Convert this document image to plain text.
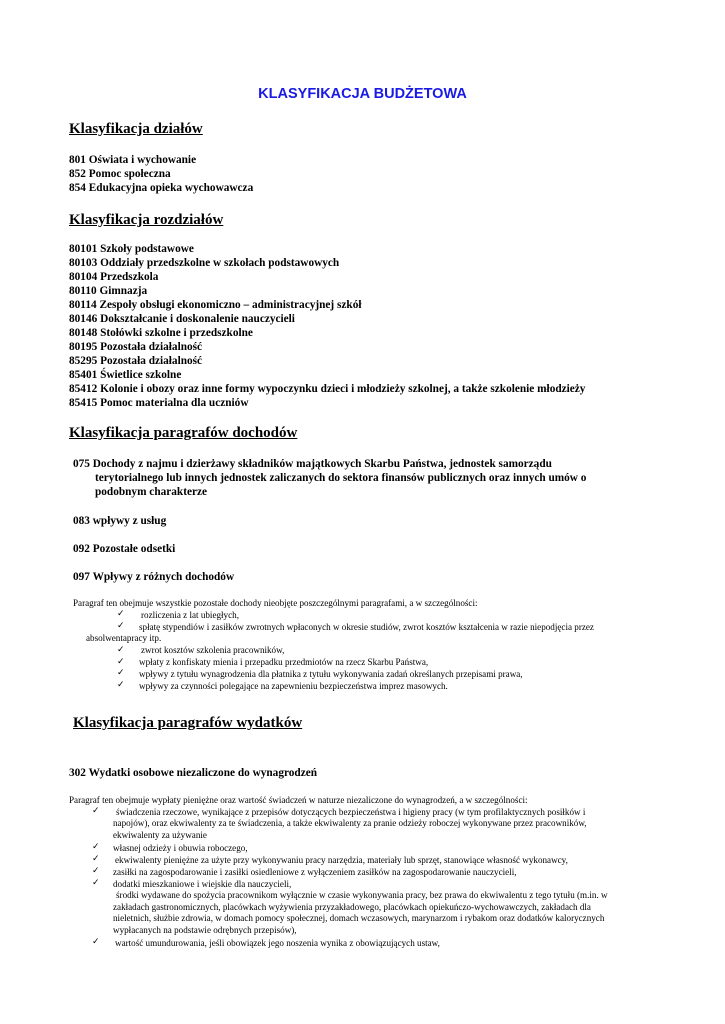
KLASYFIKACJA BUDŻETOWA
Klasyfikacja działów
801 Oświata i wychowanie
852 Pomoc społeczna
854 Edukacyjna opieka wychowawcza
Klasyfikacja rozdziałów
80101 Szkoły podstawowe
80103 Oddziały przedszkolne w szkołach podstawowych
80104 Przedszkola
80110 Gimnazja
80114 Zespoły obsługi ekonomiczno – administracyjnej szkół
80146 Dokształcanie i doskonalenie nauczycieli
80148 Stołówki szkolne i przedszkolne
80195 Pozostała działalność
85295 Pozostała działalność
85401 Świetlice szkolne
85412 Kolonie i obozy oraz inne formy wypoczynku dzieci i młodzieży szkolnej, a także szkolenie młodzieży
85415 Pomoc materialna dla uczniów
Klasyfikacja paragrafów dochodów
075 Dochody z najmu i dzierżawy składników majątkowych Skarbu Państwa, jednostek samorządu
terytorialnego lub innych jednostek zaliczanych do sektora finansów publicznych oraz innych umów o
podobnym charakterze
083 wpływy z usług
092 Pozostałe odsetki
097 Wpływy z różnych dochodów
Paragraf ten obejmuje wszystkie pozostałe dochody nieobjęte poszczególnymi paragrafami, a w szczególności:
✓ rozliczenia z lat ubiegłych,
✓ spłatę stypendiów i zasiłków zwrotnych wpłaconych w okresie studiów, zwrot kosztów kształcenia w razie niepodjęcia przez
absolwentapracy itp.
✓ zwrot kosztów szkolenia pracowników,
✓ wpłaty z konfiskaty mienia i przepadku przedmiotów na rzecz Skarbu Państwa,
✓ wpływy z tytułu wynagrodzenia dla płatnika z tytułu wykonywania zadań określanych przepisami prawa,
✓ wpływy za czynności polegające na zapewnieniu bezpieczeństwa imprez masowych.
Klasyfikacja paragrafów wydatków
302 Wydatki osobowe niezaliczone do wynagrodzeń
Paragraf ten obejmuje wypłaty pieniężne oraz wartość świadczeń w naturze niezaliczone do wynagrodzeń, a w szczególności:
✓ świadczenia rzeczowe, wynikające z przepisów dotyczących bezpieczeństwa i higieny pracy (w tym profilaktycznych posiłków i
napojów), oraz ekwiwalenty za te świadczenia, a także ekwiwalenty za pranie odzieży roboczej wykonywane przez pracowników,
ekwiwalenty za używanie
✓ własnej odzieży i obuwia roboczego,
✓ ekwiwalenty pieniężne za użyte przy wykonywaniu pracy narzędzia, materiały lub sprzęt, stanowiące własność wykonawcy,
✓ zasiłki na zagospodarowanie i zasiłki osiedleniowe z wyłączeniem zasiłków na zagospodarowanie nauczycieli,
✓ dodatki mieszkaniowe i wiejskie dla nauczycieli,
środki wydawane do spożycia pracownikom wyłącznie w czasie wykonywania pracy, bez prawa do ekwiwalentu z tego tytułu (m.in. w
zakładach gastronomicznych, placówkach wyżywienia przyzakładowego, placówkach opiekuńczo-wychowawczych, zakładach dla
nieletnich, służbie zdrowia, w domach pomocy społecznej, domach wczasowych, marynarzom i rybakom oraz dodatków kalorycznych
wypłacanych na podstawie odrębnych przepisów),
✓ wartość umundurowania, jeśli obowiązek jego noszenia wynika z obowiązujących ustaw,
